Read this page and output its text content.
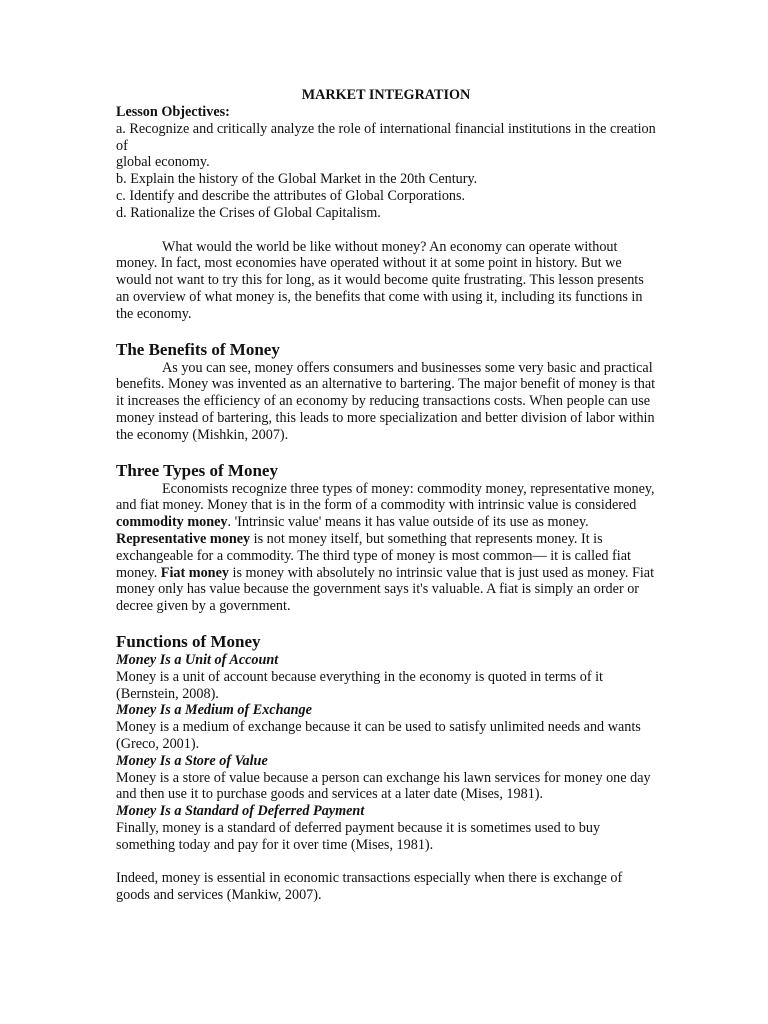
MARKET INTEGRATION

Lesson Objectives:

a. Recognize and critically analyze the role of international financial institutions in the creation of

global economy.

b. Explain the history of the Global Market in the 20th Century.

c. Identify and describe the attributes of Global Corporations.

d. Rationalize the Crises of Global Capitalism.

What would the world be like without money? An economy can operate without money. In fact, most economies have operated without it at some point in history. But we would not want to try this for long, as it would become quite frustrating. This lesson presents an overview of what money is, the benefits that come with using it, including its functions in the economy.

The Benefits of Money

As you can see, money offers consumers and businesses some very basic and practical benefits. Money was invented as an alternative to bartering. The major benefit of money is that it increases the efficiency of an economy by reducing transactions costs. When people can use money instead of bartering, this leads to more specialization and better division of labor within the economy (Mishkin, 2007).

Three Types of Money

Economists recognize three types of money: commodity money, representative money, and fiat money. Money that is in the form of a commodity with intrinsic value is considered commodity money. 'Intrinsic value' means it has value outside of its use as money. Representative money is not money itself, but something that represents money. It is exchangeable for a commodity. The third type of money is most common— it is called fiat money. Fiat money is money with absolutely no intrinsic value that is just used as money. Fiat money only has value because the government says it's valuable. A fiat is simply an order or decree given by a government.

Functions of Money

Money Is a Unit of Account

Money is a unit of account because everything in the economy is quoted in terms of it (Bernstein, 2008).

Money Is a Medium of Exchange

Money is a medium of exchange because it can be used to satisfy unlimited needs and wants (Greco, 2001).

Money Is a Store of Value

Money is a store of value because a person can exchange his lawn services for money one day and then use it to purchase goods and services at a later date (Mises, 1981).

Money Is a Standard of Deferred Payment

Finally, money is a standard of deferred payment because it is sometimes used to buy something today and pay for it over time (Mises, 1981).

Indeed, money is essential in economic transactions especially when there is exchange of goods and services (Mankiw, 2007).
